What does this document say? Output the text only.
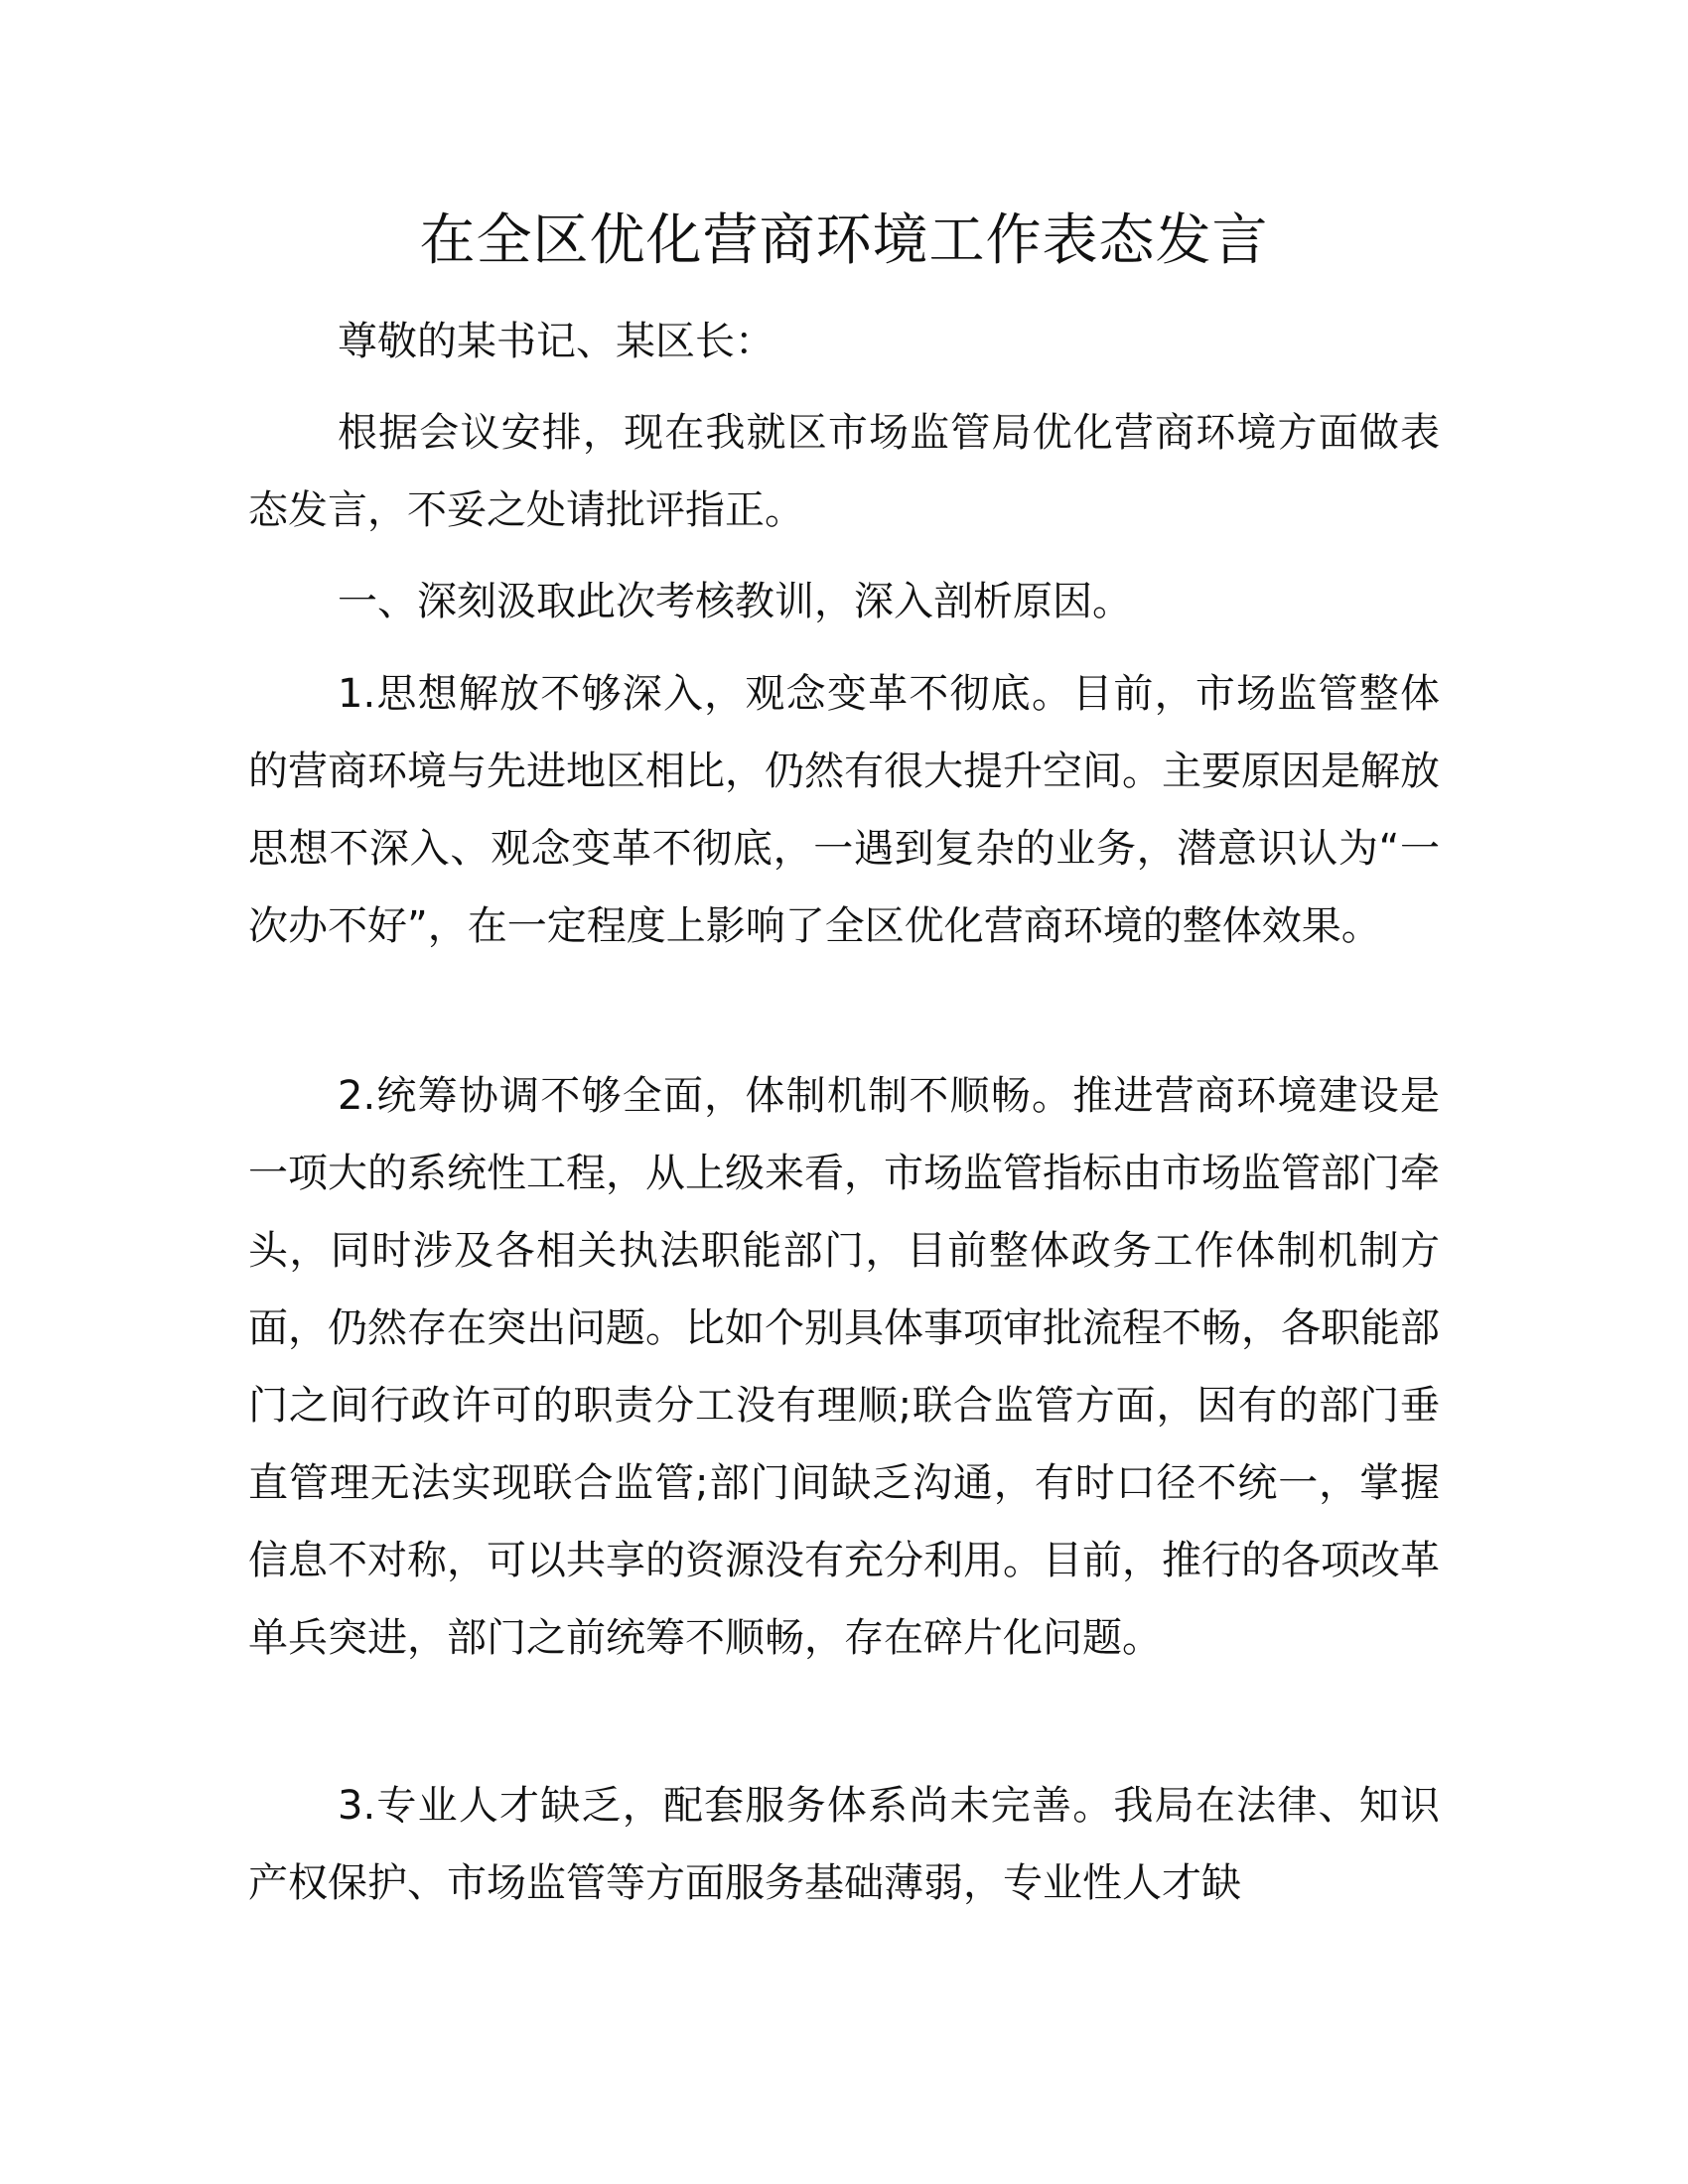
在全区优化营商环境工作表态发言

尊敬的某书记、某区长：

根据会议安排，现在我就区市场监管局优化营商环境方面做表态发言，不妥之处请批评指正。

一、深刻汲取此次考核教训，深入剖析原因。

1.思想解放不够深入，观念变革不彻底。目前，市场监管整体的营商环境与先进地区相比，仍然有很大提升空间。主要原因是解放思想不深入、观念变革不彻底，一遇到复杂的业务，潜意识认为“一次办不好”，在一定程度上影响了全区优化营商环境的整体效果。

2.统筹协调不够全面，体制机制不顺畅。推进营商环境建设是一项大的系统性工程，从上级来看，市场监管指标由市场监管部门牵头，同时涉及各相关执法职能部门，目前整体政务工作体制机制方面，仍然存在突出问题。比如个别具体事项审批流程不畅，各职能部门之间行政许可的职责分工没有理顺;联合监管方面，因有的部门垂直管理无法实现联合监管;部门间缺乏沟通，有时口径不统一，掌握信息不对称，可以共享的资源没有充分利用。目前，推行的各项改革单兵突进，部门之前统筹不顺畅，存在碎片化问题。

3.专业人才缺乏，配套服务体系尚未完善。我局在法律、知识产权保护、市场监管等方面服务基础薄弱，专业性人才缺
